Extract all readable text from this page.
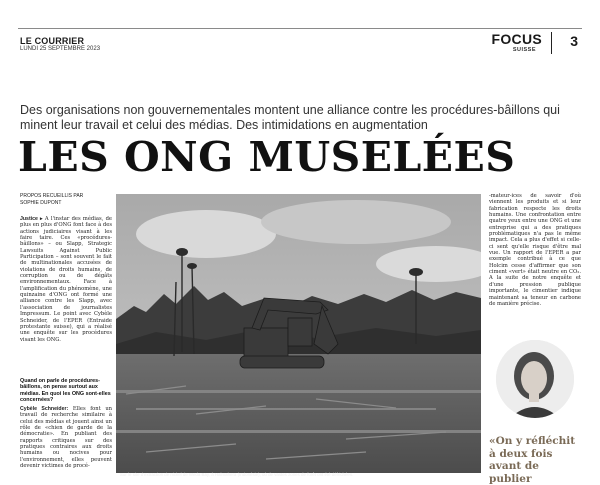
LE COURRIER
LUNDI 25 SEPTEMBRE 2023
FOCUS
SUISSE
3

Des organisations non gouvernementales montent une alliance contre les procédures-bâillons qui minent leur travail et celui des médias. Des intimidations en augmentation

LES ONG MUSELÉES
PROPOS RECUEILLIS PAR
SOPHIE DUPONT

Justice ▸ A l'instar des médias, de plus en plus d'ONG font face à des actions judiciaires visant à les faire taire. Ces «procédures-bâillons» – ou Slapp, Strategic Lawsuits Against Public Participation – sont souvent le fait de multinationales accusées de violations de droits humains, de corruption ou de dégâts environnementaux. Face à l'amplification du phénomène, une quinzaine d'ONG ont formé une alliance contre les Slapp, avec l'association de journalistes Impressum. Le point avec Cybèle Schneider, de l'EPER (Entraide protestante suisse), qui a réalisé une enquête sur les procédures visant les ONG.

Quand on parle de procédures-bâillons, on pense surtout aux médias. En quoi les ONG sont-elles concernées?

Cybèle Schneider: Elles font un travail de recherche similaire à celui des médias et jouent ainsi un rôle de «chien de garde de la démocratie». En publiant des rapports critiques sur des pratiques contraires aux droits humains ou nocives pour l'environnement, elles peuvent devenir victimes de procé-

Sur le site d'extraction de nickel de Weda Bay, à Halmahera (Indonésie), où de vastes zones de forêt ont été défrichées.

-mateur-ices de savoir d'où viennent les produits et si leur fabrication respecte les droits humains. Une confrontation entre quatre yeux entre une ONG et une entreprise qui a des pratiques problématiques n'a pas le même impact. Cela a plus d'effet si celle-ci sent qu'elle risque d'être mal vue. Un rapport de l'EPER a par exemple contribué à ce que Holcim cesse d'affirmer que son ciment «vert» était neutre en CO₂. A la suite de notre enquête et d'une pression publique importante, le cimentier indique maintenant sa teneur en carbone de manière précise.

«On y réfléchit à deux fois avant de publier
